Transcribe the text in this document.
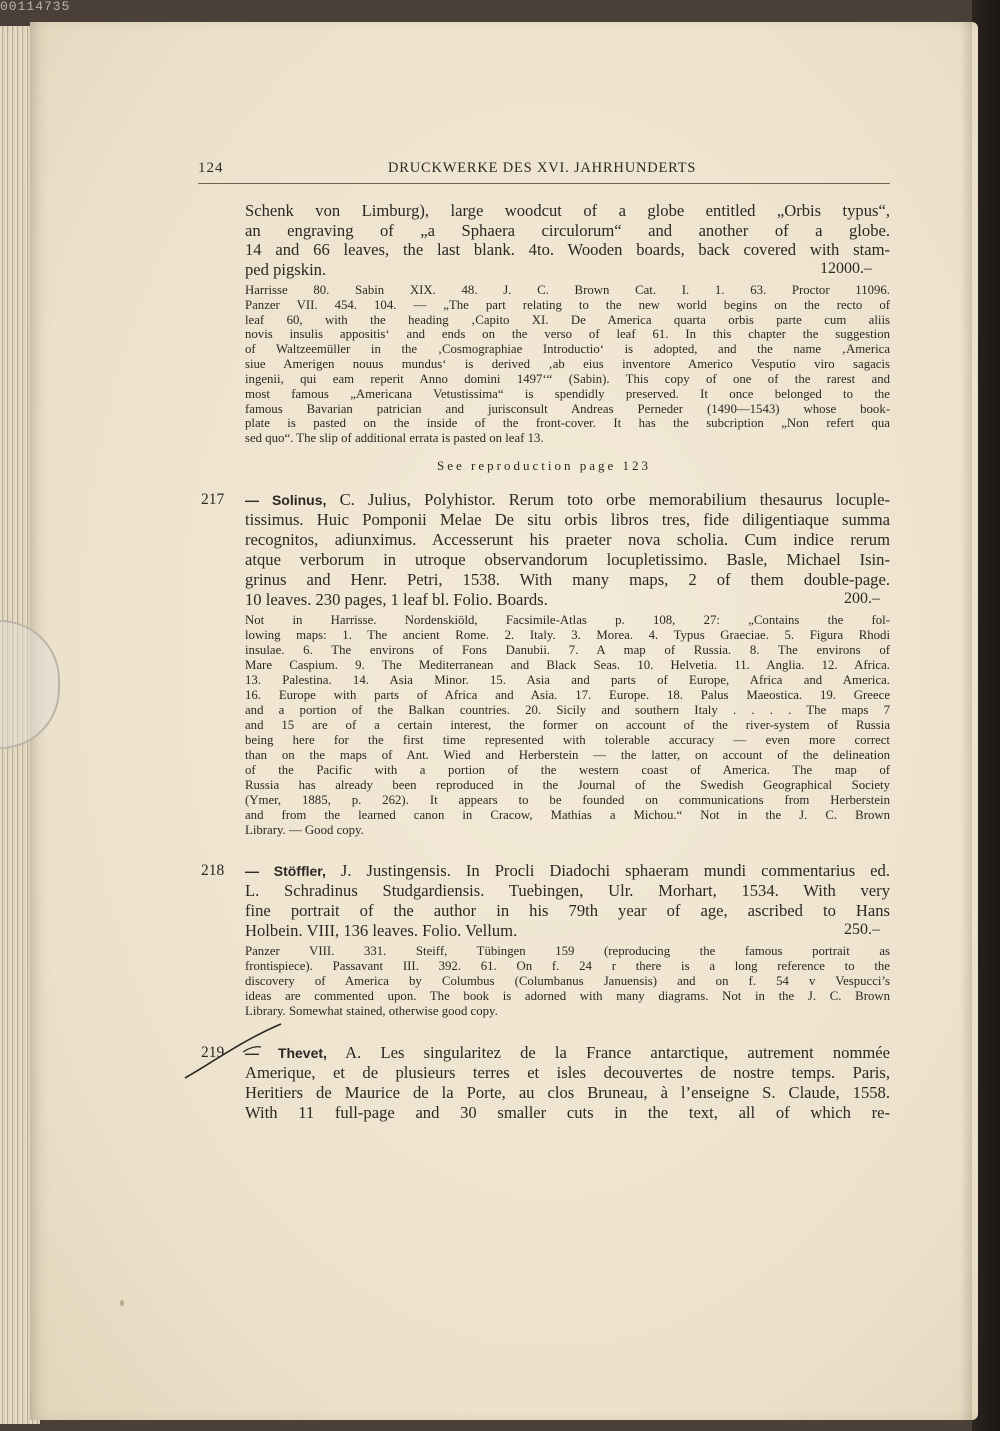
00114735
124	DRUCKWERKE DES XVI. JAHRHUNDERTS

Schenk von Limburg), large woodcut of a globe entitled „Orbis typus“,

an engraving of „a Sphaera circulorum“ and another of a globe.

14 and 66 leaves, the last blank. 4to. Wooden boards, back covered with stam-

ped pigskin.	12000.–

Harrisse 80. Sabin XIX. 48. J. C. Brown Cat. I. 1. 63. Proctor 11096.

Panzer VII. 454. 104. — „The part relating to the new world begins on the recto of

leaf 60, with the heading ‚Capito XI. De America quarta orbis parte cum aliis

novis insulis appositis‘ and ends on the verso of leaf 61. In this chapter the suggestion

of Waltzeemüller in the ‚Cosmographiae Introductio‘ is adopted, and the name ‚America

siue Amerigen nouus mundus‘ is derived ‚ab eius inventore Americo Vesputio viro sagacis

ingenii, qui eam reperit Anno domini 1497‘“ (Sabin). This copy of one of the rarest and

most famous „Americana Vetustissima“ is spendidly preserved. It once belonged to the

famous Bavarian patrician and jurisconsult Andreas Perneder (1490—1543) whose book-

plate is pasted on the inside of the front-cover. It has the subcription „Non refert qua

sed quo“. The slip of additional errata is pasted on leaf 13.

See reproduction page 123
217 — Solinus, C. Julius, Polyhistor. Rerum toto orbe memorabilium thesaurus locuple-

tissimus. Huic Pomponii Melae De situ orbis libros tres, fide diligentiaque summa

recognitos, adiunximus. Accesserunt his praeter nova scholia. Cum indice rerum

atque verborum in utroque observandorum locupletissimo. Basle, Michael Isin-

grinus and Henr. Petri, 1538. With many maps, 2 of them double-page.

10 leaves. 230 pages, 1 leaf bl. Folio. Boards.	200.–

Not in Harrisse. Nordenskiöld, Facsimile-Atlas p. 108, 27: „Contains the fol-

lowing maps: 1. The ancient Rome. 2. Italy. 3. Morea. 4. Typus Graeciae. 5. Figura Rhodi

insulae. 6. The environs of Fons Danubii. 7. A map of Russia. 8. The environs of

Mare Caspium. 9. The Mediterranean and Black Seas. 10. Helvetia. 11. Anglia. 12. Africa.

13. Palestina. 14. Asia Minor. 15. Asia and parts of Europe, Africa and America.

16. Europe with parts of Africa and Asia. 17. Europe. 18. Palus Maeostica. 19. Greece

and a portion of the Balkan countries. 20. Sicily and southern Italy . . . . The maps 7

and 15 are of a certain interest, the former on account of the river-system of Russia

being here for the first time represented with tolerable accuracy — even more correct

than on the maps of Ant. Wied and Herberstein — the latter, on account of the delineation

of the Pacific with a portion of the western coast of America. The map of

Russia has already been reproduced in the Journal of the Swedish Geographical Society

(Ymer, 1885, p. 262). It appears to be founded on communications from Herberstein

and from the learned canon in Cracow, Mathias a Michou.“ Not in the J. C. Brown

Library. — Good copy.

218 — Stöffler, J. Justingensis. In Procli Diadochi sphaeram mundi commentarius ed.

L. Schradinus Studgardiensis. Tuebingen, Ulr. Morhart, 1534. With very

fine portrait of the author in his 79th year of age, ascribed to Hans

Holbein. VIII, 136 leaves. Folio. Vellum.	250.–

Panzer VIII. 331. Steiff, Tübingen 159 (reproducing the famous portrait as

frontispiece). Passavant III. 392. 61. On f. 24 r there is a long reference to the

discovery of America by Columbus (Columbanus Januensis) and on f. 54 v Vespucci’s

ideas are commented upon. The book is adorned with many diagrams. Not in the J. C. Brown

Library. Somewhat stained, otherwise good copy.

219 — Thevet, A. Les singularitez de la France antarctique, autrement nommée

Amerique, et de plusieurs terres et isles decouvertes de nostre temps. Paris,

Heritiers de Maurice de la Porte, au clos Bruneau, à l’enseigne S. Claude, 1558.

With 11 full-page and 30 smaller cuts in the text, all of which re-
